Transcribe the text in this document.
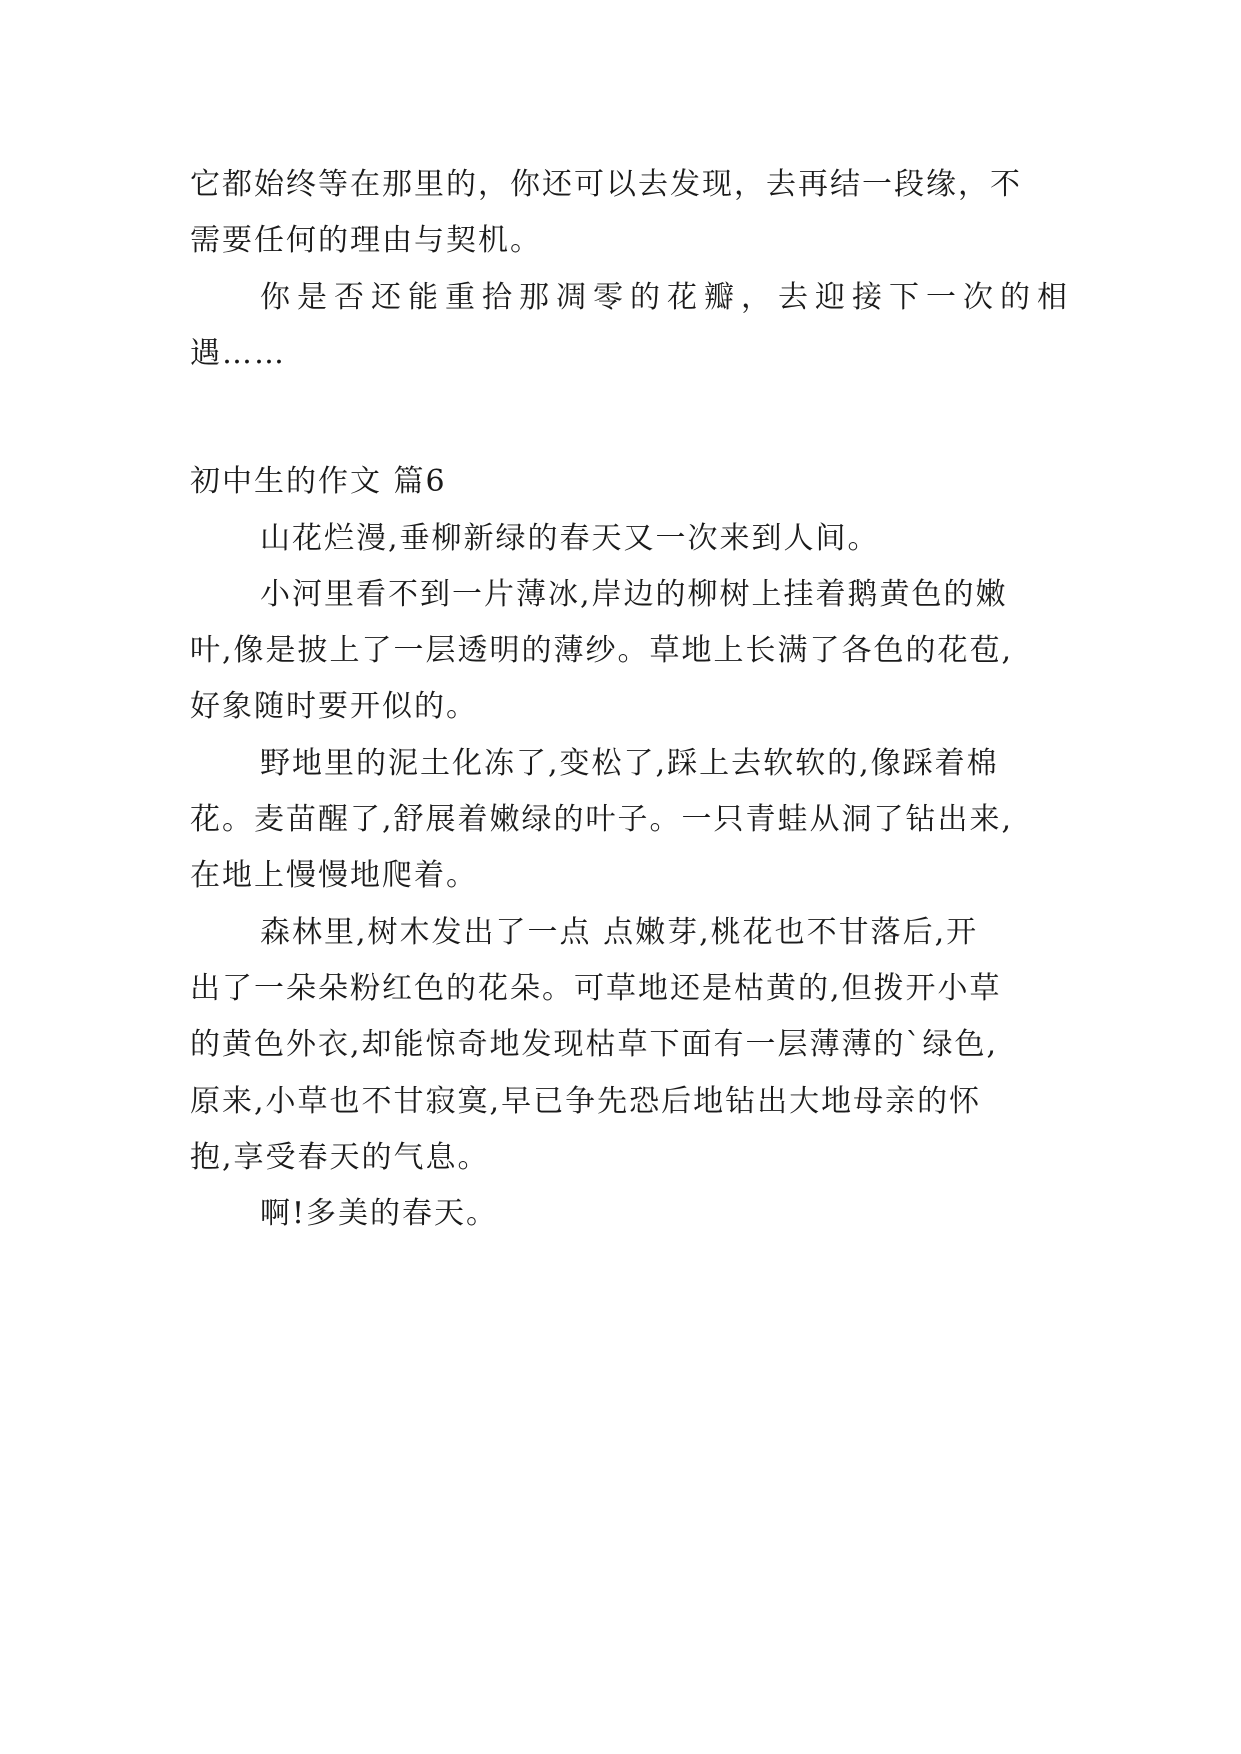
它都始终等在那里的，你还可以去发现，去再结一段缘，不
需要任何的理由与契机。
你是否还能重拾那凋零的花瓣，去迎接下一次的相
遇……
初中生的作文 篇6
山花烂漫,垂柳新绿的春天又一次来到人间。
小河里看不到一片薄冰,岸边的柳树上挂着鹅黄色的嫩
叶,像是披上了一层透明的薄纱。草地上长满了各色的花苞,
好象随时要开似的。
野地里的泥土化冻了,变松了,踩上去软软的,像踩着棉
花。麦苗醒了,舒展着嫩绿的叶子。一只青蛙从洞了钻出来,
在地上慢慢地爬着。
森林里,树木发出了一点 点嫩芽,桃花也不甘落后,开
出了一朵朵粉红色的花朵。可草地还是枯黄的,但拨开小草
的黄色外衣,却能惊奇地发现枯草下面有一层薄薄的`绿色,
原来,小草也不甘寂寞,早已争先恐后地钻出大地母亲的怀
抱,享受春天的气息。
啊!多美的春天。
